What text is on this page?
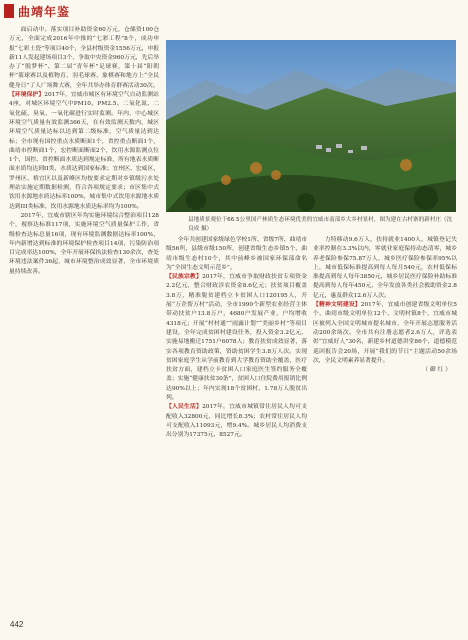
曲靖年鉴

面启动中。落实项目补助资金60万元，仓储资100仓万元，全面完成2016年中推的“七彩工程”8个，成功申报“七彩土瓷”等项目40个，全县村级资金1556万元，申报新11人发起建场项目3个，争取中央资金960万元，先后举办了“脱梦杯”、第二届“青年杯”足球赛，第十届“阳朝杯”篮球赛以及植物育、羽毛球赛、象棋赛和地方上“全民健身日”了人广场舞大赛，全年共举办体育群赛活动30次。

【环境保护】2017年，宜威市城区有环境空气自动监测站4座，对城区环境空气中PM10、PM2.5、二氧化氮、二氧化硫、臭氧、一氧化碳进行实时监测。年内，中心城区环境空气质量有效监测366天，在有效监测天数内，城区环境空气质量达标以达到第二级标准，空气质量达到达标；全市现有国控重点水质断面1个，省控重点断面1个，曲靖市控断面1个，宏控断面断面2个，饮用水源监测点位1个，国控、省控断面水质达到规定标准，所有地表水质断面水质均达到II类，水质达到国家标准；宜州区、宏威区、罗州区、格宜区以及新峰区均按要求定期对乡镇级污水处理站实施定期数据检测，符合各项规定要求；市区集中式饮用水源地水质达标率100%，城市集中式饮用水源地水质达到III类标准，饮用水源地水质达标率均为100%。

2017年，宜威市辖区年均实施环境综合整治项目128个，视察达标准117项，实施环境空气质量保护工作，省级检查达标总量16项，现有环境监测数据达标率100%，年内新增达到标准的环境保护检查项目14项，污染防治项目完成率达100%，全年开展环保执法检查130余次，查处环境违法案件36起，城市环境整治成效显著，全市环境质量持续改善。

县地质景观位于66.5公里国产林质生态环境优美的宜威市南部乡大乡村景村，图为建在古村寨的新村庄（沈良成 摄）

全年共创建国家级绿色学校1所、省级7所、曲靖市级56所，县级市级150所，创建省级生态乡镇5个、曲靖市级生态村10个，其中前峰乡被国家环保部命名为“全国生态文明示范乡”。

【民族宗教】2017年，宜威市争取财政扶贫专项资金2.2亿元，整合财政涉农资金8.6亿元；扶贫项目覆盖3.8万，精准脱贫建档立卡贫困人口120195人，开展“万企帮万村”活动，全市1990个新型农业经营主体带动扶贫户13.8万户，4680户发展产业，户均增收4318元；开展“村村通”“雨露计划”“美丽乡村”等项目建设，全年完成贫困村建设任务，投入资金3.2亿元，实施易地搬迁1751户6078人；教育扶贫成效显著，落实各项教育资助政策，资助贫困学生3.8万人次。实现贫困家庭学生从学前教育到大学教育资助全覆盖，医疗扶贫方面，建档立卡贫困人口家庭医生签约服务全覆盖；实施“健康扶贫30条”，贫困人口住院费用报销比例达90%以上；年内实现18个贫困村、1.78万人脱贫出列。

【人民生活】2017年，宜威市城镇常住居民人均可支配收入32800元，同比增长8.3%；农村常住居民人均可支配收入11093元，增9.4%。城乡居民人均消费支出分别为17375元、8527元。

力特移动9.6万人，扶持就业1400人，城镇登记失业率控制在3.3%以内，零就业家庭保持动态清零，城乡养老保险参保75.87万人，城乡医疗保险参保率95%以上，城市低保标准提高到每人每月540元，农村低保标准提高到每人每年3850元，城乡居民医疗保险补助标准提高到每人每年450元，全年发放各类社会救助资金2.8亿元，惠及群众12.6万人次。

【精神文明建设】2017年，宜威市创建省级文明单位5个、曲靖市级文明单位12个、文明村镇8个，宜威市城区被列入全国文明城市提名城市，全年开展志愿服务活动200余场次。全市共有注册志愿者2.6万人，评选表彰“宜威好人”30名，新建乡村道德讲堂86个，道德模范巡回报告会20场，开展“我们的节日”主题活动50余场次，全民文明素养显著提升。

（ 御 红 ）
442
